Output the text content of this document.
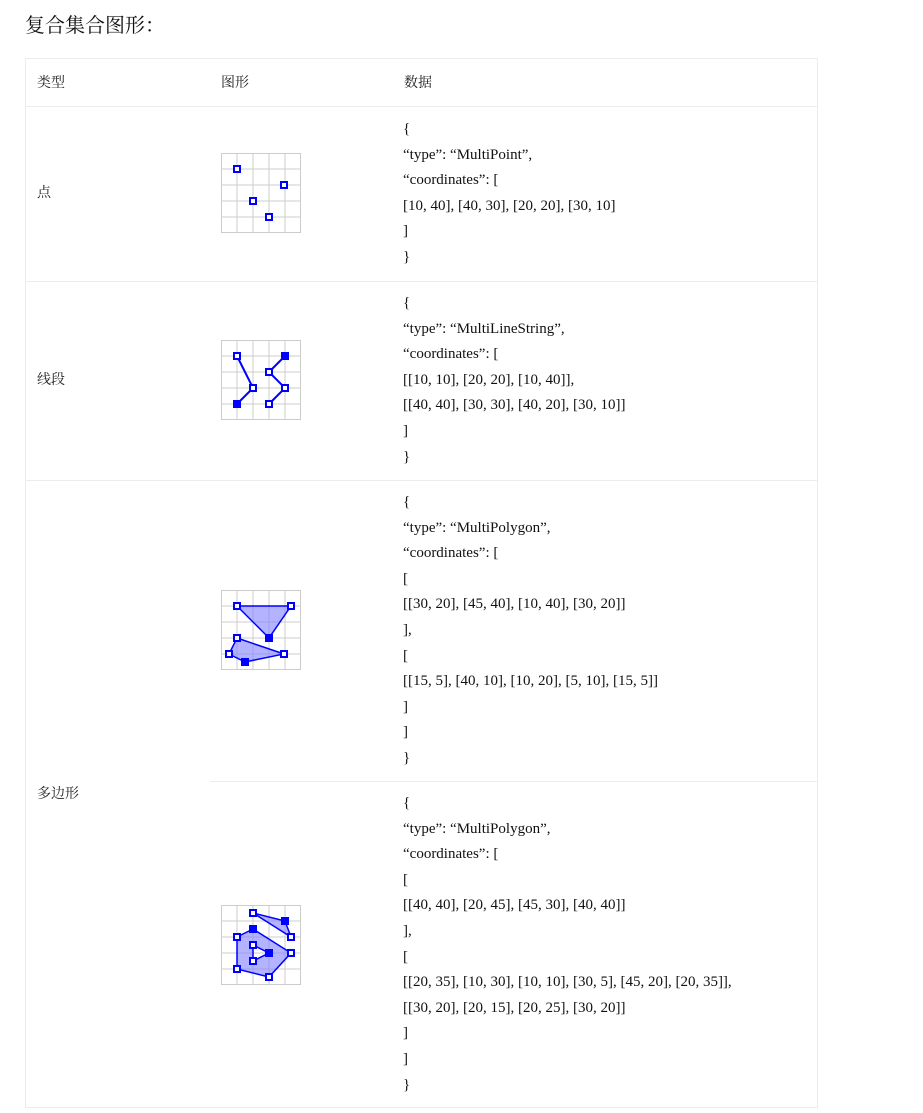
复合集合图形：
类型	图形	数据
点
线段
多边形
{
“type”: “MultiPoint”,
“coordinates”: [
[10, 40], [40, 30], [20, 20], [30, 10]
]
}
{
“type”: “MultiLineString”,
“coordinates”: [
[[10, 10], [20, 20], [10, 40]],
[[40, 40], [30, 30], [40, 20], [30, 10]]
]
}
{
“type”: “MultiPolygon”,
“coordinates”: [
[
[[30, 20], [45, 40], [10, 40], [30, 20]]
],
[
[[15, 5], [40, 10], [10, 20], [5, 10], [15, 5]]
]
]
}
{
“type”: “MultiPolygon”,
“coordinates”: [
[
[[40, 40], [20, 45], [45, 30], [40, 40]]
],
[
[[20, 35], [10, 30], [10, 10], [30, 5], [45, 20], [20, 35]],
[[30, 20], [20, 15], [20, 25], [30, 20]]
]
]
}
